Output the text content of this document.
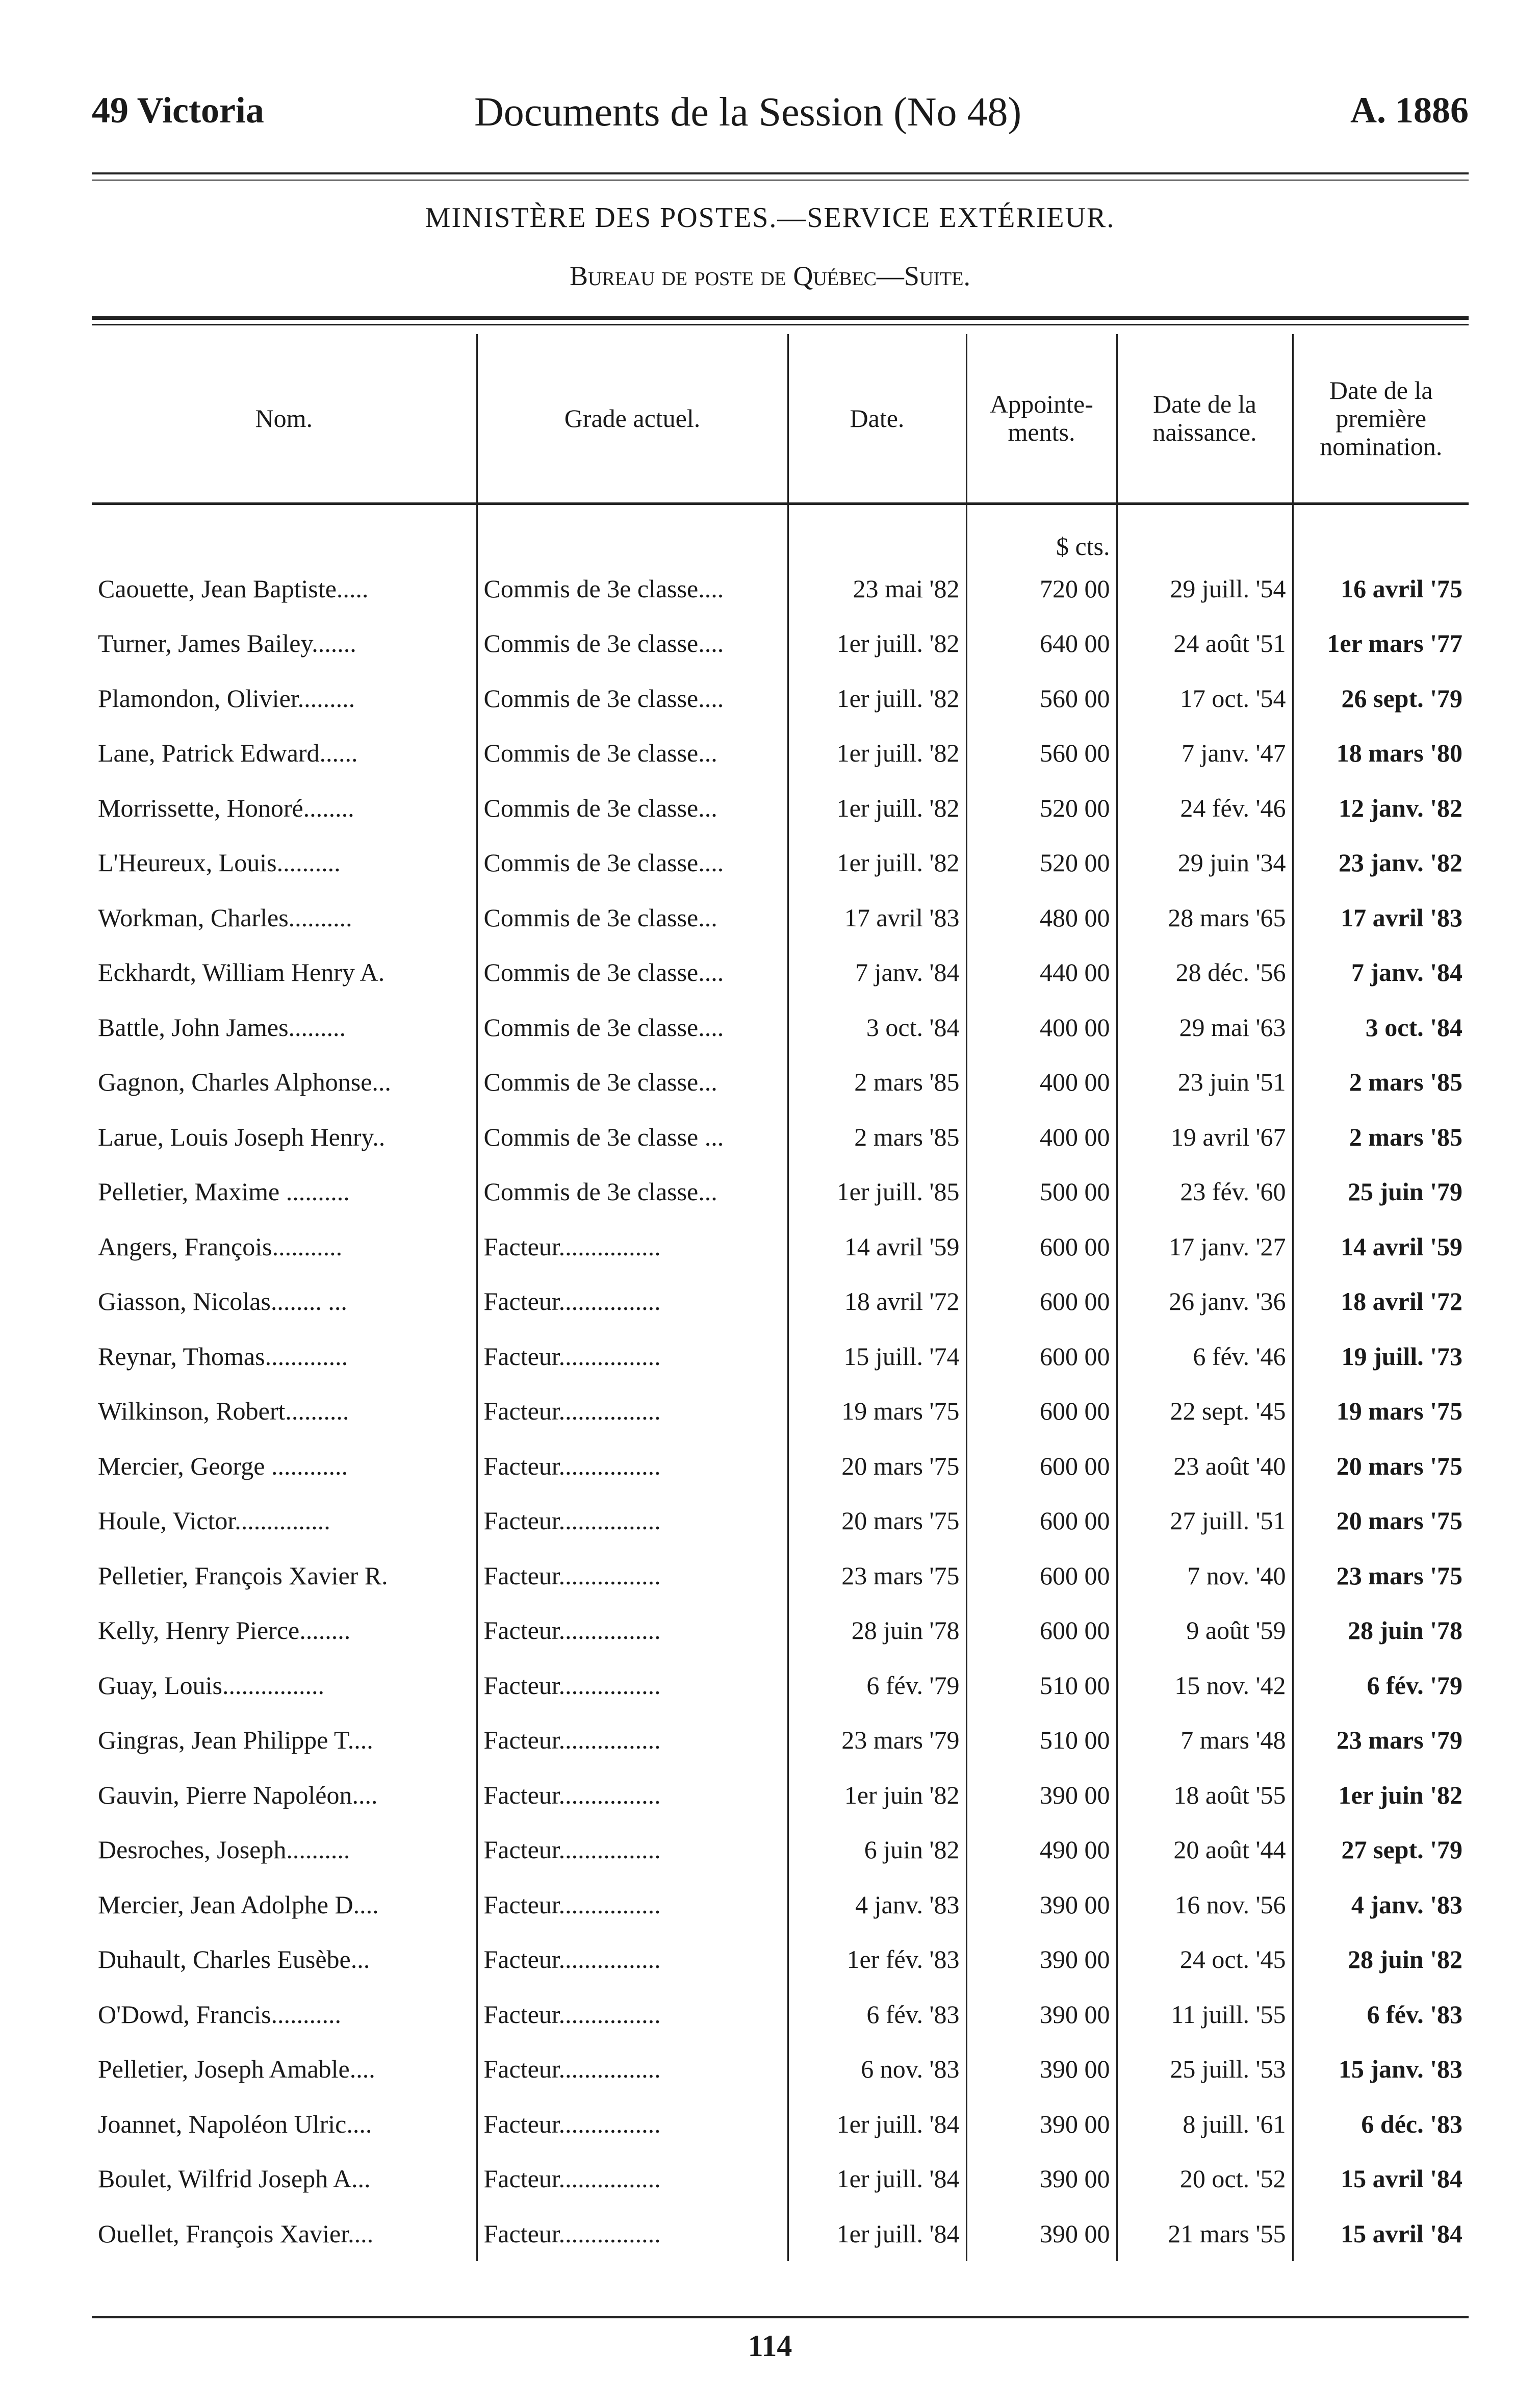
49 Victoria	Documents de la Session (No 48)	A. 1886
MINISTÈRE DES POSTES.—SERVICE EXTÉRIEUR.
Bureau de poste de Québec—Suite.
Nom.	Grade actuel.	Date.	Appointe-ments.	Date de la naissance.	Date de la première nomination.
			$ cts.		
Caouette, Jean Baptiste.....	Commis de 3e classe....	23 mai '82	720 00	29 juill. '54	16 avril '75
Turner, James Bailey.......	Commis de 3e classe....	1er juill. '82	640 00	24 août '51	1er mars '77
Plamondon, Olivier.........	Commis de 3e classe....	1er juill. '82	560 00	17 oct. '54	26 sept. '79
Lane, Patrick Edward......	Commis de 3e classe...	1er juill. '82	560 00	7 janv. '47	18 mars '80
Morrissette, Honoré........	Commis de 3e classe...	1er juill. '82	520 00	24 fév. '46	12 janv. '82
L'Heureux, Louis..........	Commis de 3e classe....	1er juill. '82	520 00	29 juin '34	23 janv. '82
Workman, Charles..........	Commis de 3e classe...	17 avril '83	480 00	28 mars '65	17 avril '83
Eckhardt, William Henry A.	Commis de 3e classe....	7 janv. '84	440 00	28 déc. '56	7 janv. '84
Battle, John James.........	Commis de 3e classe....	3 oct. '84	400 00	29 mai '63	3 oct. '84
Gagnon, Charles Alphonse...	Commis de 3e classe...	2 mars '85	400 00	23 juin '51	2 mars '85
Larue, Louis Joseph Henry..	Commis de 3e classe ...	2 mars '85	400 00	19 avril '67	2 mars '85
Pelletier, Maxime ..........	Commis de 3e classe...	1er juill. '85	500 00	23 fév. '60	25 juin '79
Angers, François...........	Facteur................	14 avril '59	600 00	17 janv. '27	14 avril '59
Giasson, Nicolas........ ...	Facteur................	18 avril '72	600 00	26 janv. '36	18 avril '72
Reynar, Thomas.............	Facteur................	15 juill. '74	600 00	6 fév. '46	19 juill. '73
Wilkinson, Robert..........	Facteur................	19 mars '75	600 00	22 sept. '45	19 mars '75
Mercier, George ............	Facteur................	20 mars '75	600 00	23 août '40	20 mars '75
Houle, Victor...............	Facteur................	20 mars '75	600 00	27 juill. '51	20 mars '75
Pelletier, François Xavier R.	Facteur................	23 mars '75	600 00	7 nov. '40	23 mars '75
Kelly, Henry Pierce........	Facteur................	28 juin '78	600 00	9 août '59	28 juin '78
Guay, Louis................	Facteur................	6 fév. '79	510 00	15 nov. '42	6 fév. '79
Gingras, Jean Philippe T....	Facteur................	23 mars '79	510 00	7 mars '48	23 mars '79
Gauvin, Pierre Napoléon....	Facteur................	1er juin '82	390 00	18 août '55	1er juin '82
Desroches, Joseph..........	Facteur................	6 juin '82	490 00	20 août '44	27 sept. '79
Mercier, Jean Adolphe D....	Facteur................	4 janv. '83	390 00	16 nov. '56	4 janv. '83
Duhault, Charles Eusèbe...	Facteur................	1er fév. '83	390 00	24 oct. '45	28 juin '82
O'Dowd, Francis...........	Facteur................	6 fév. '83	390 00	11 juill. '55	6 fév. '83
Pelletier, Joseph Amable....	Facteur................	6 nov. '83	390 00	25 juill. '53	15 janv. '83
Joannet, Napoléon Ulric....	Facteur................	1er juill. '84	390 00	8 juill. '61	6 déc. '83
Boulet, Wilfrid Joseph A...	Facteur................	1er juill. '84	390 00	20 oct. '52	15 avril '84
Ouellet, François Xavier....	Facteur................	1er juill. '84	390 00	21 mars '55	15 avril '84
114
